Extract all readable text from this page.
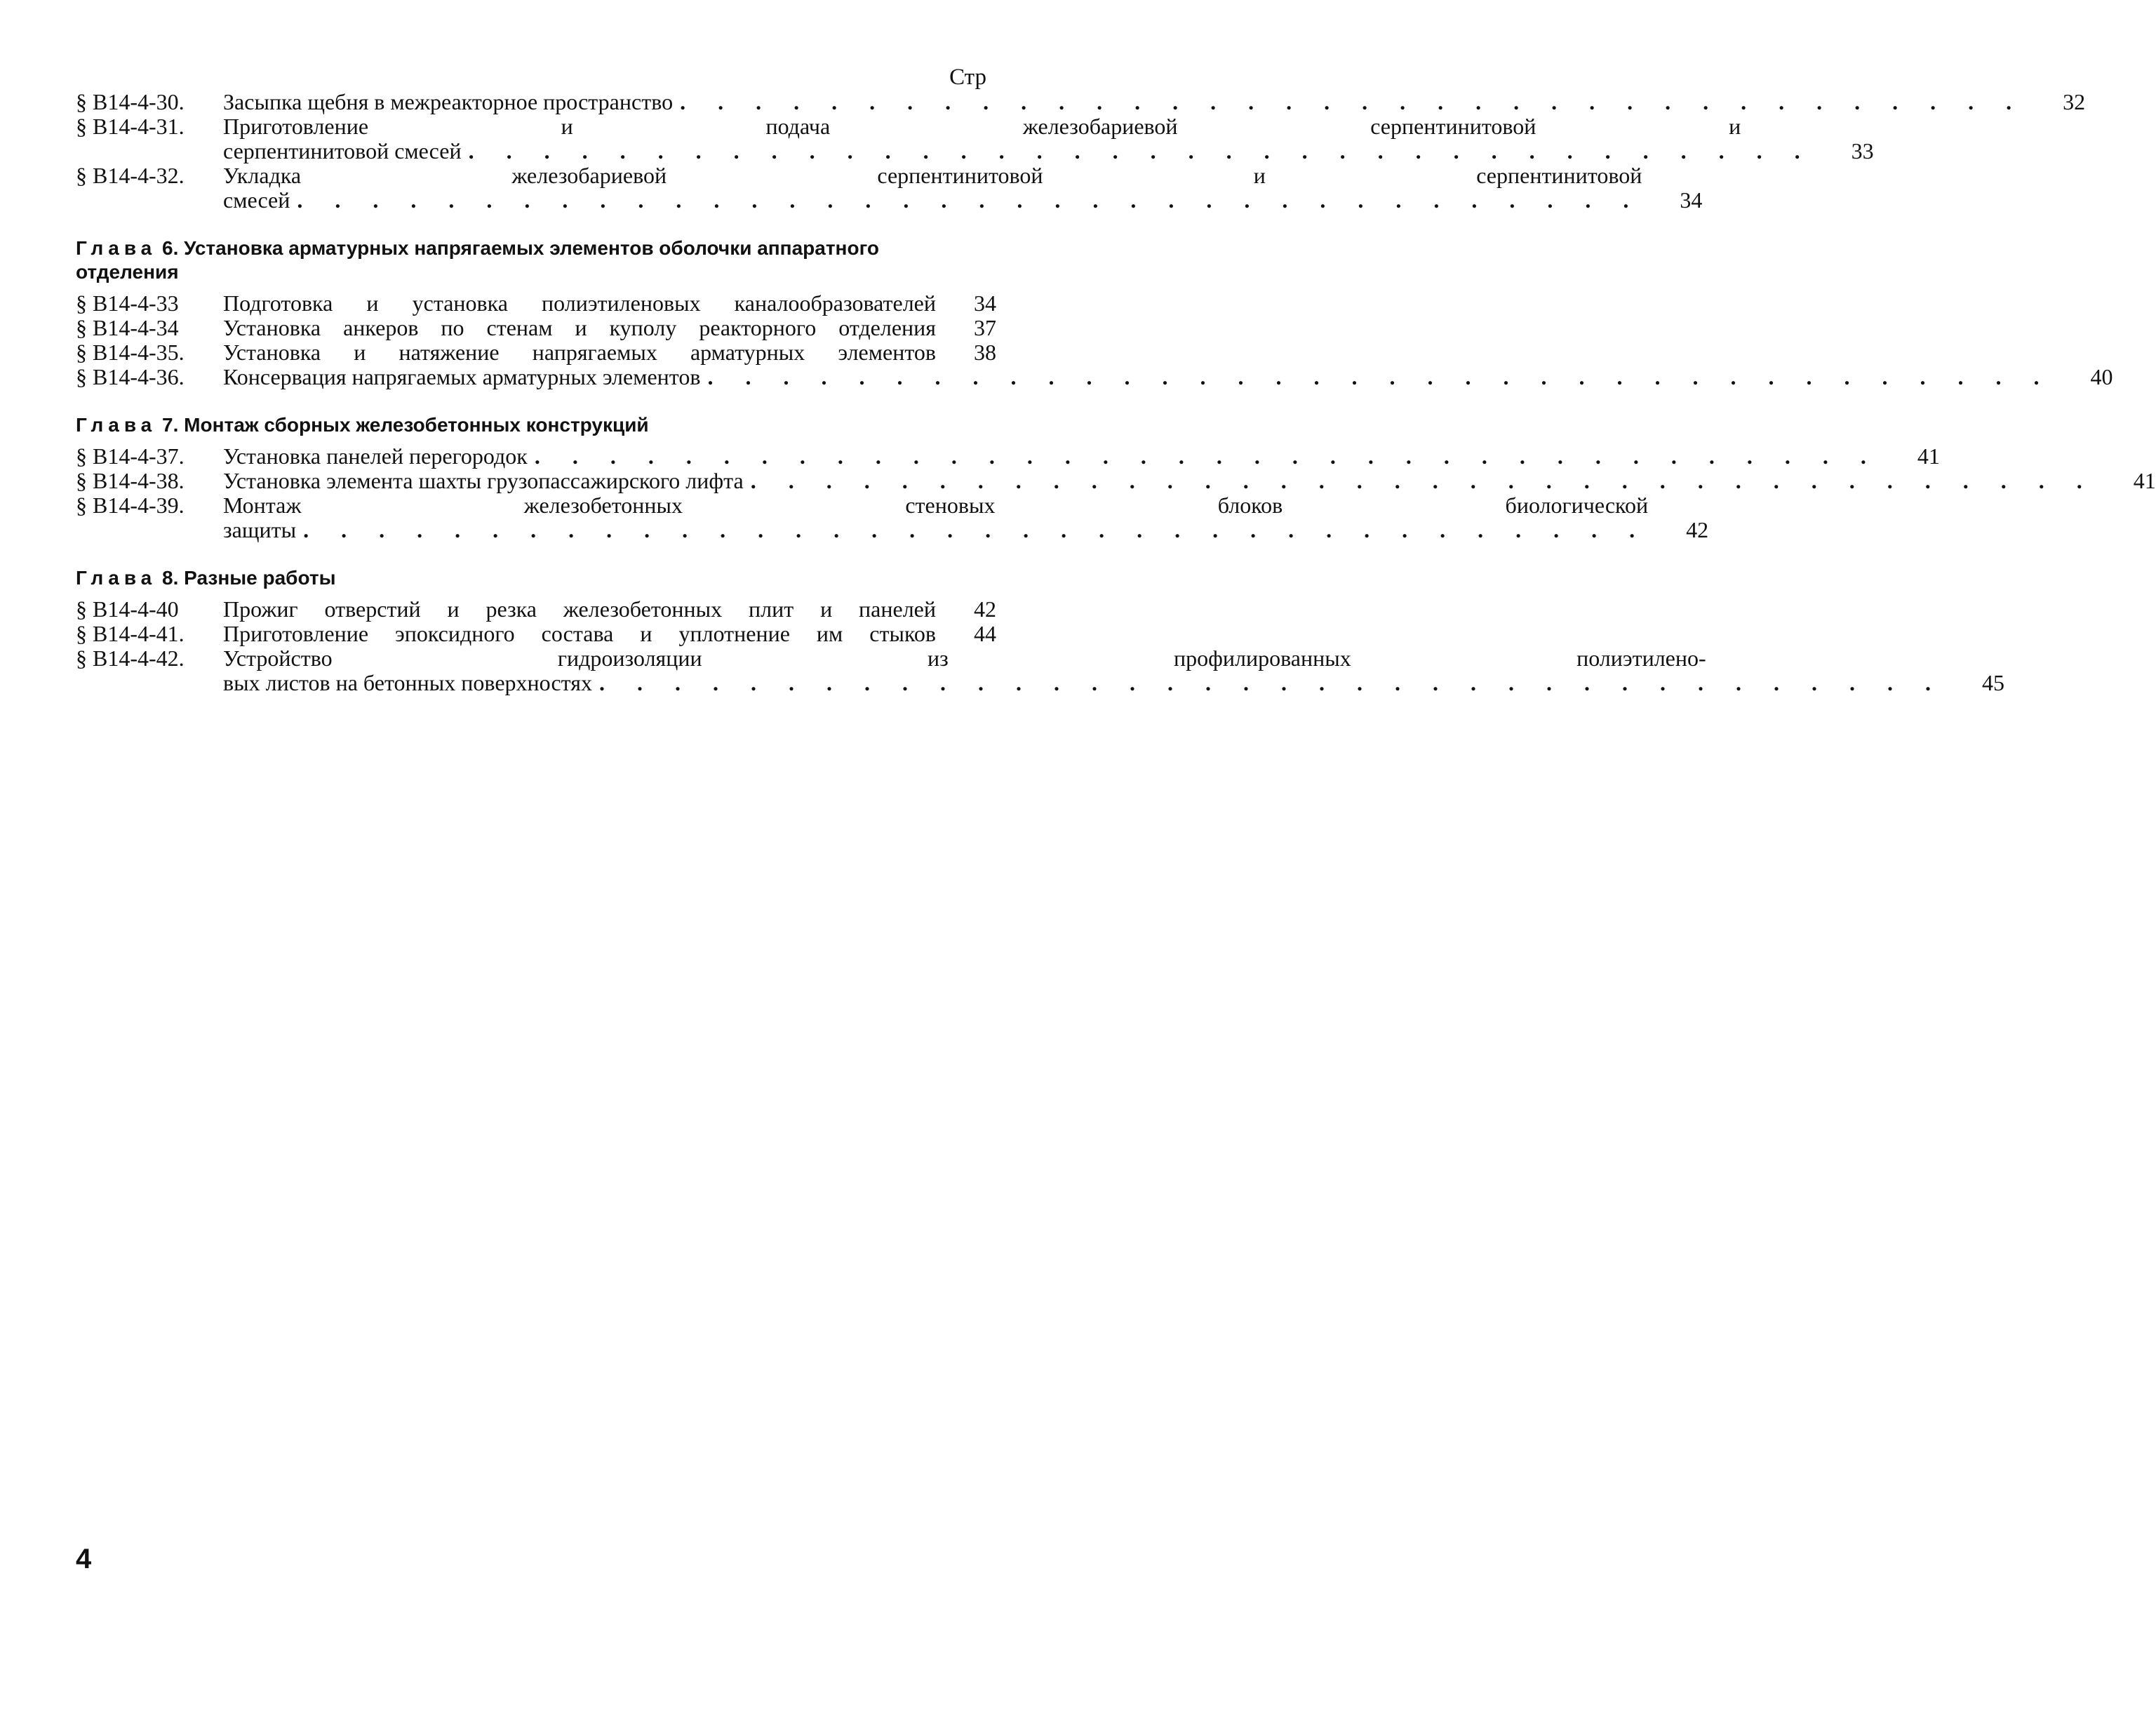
Стр
§ В14-4-30.	Засыпка щебня в межреакторное пространство . . . . . . . . . . . . . . . . . . . . . . . . . . . . . . . . . . . .	32
§ В14-4-31.	Приготовление и подача железобариевой серпентинитовой и
серпентинитовой смесей . . . . . . . . . . . . . . . . . . . . . . . . . . . . . . . . . . . .	33
§ В14-4-32.	Укладка железобариевой серпентинитовой и серпентинитовой
смесей . . . . . . . . . . . . . . . . . . . . . . . . . . . . . . . . . . . .	34
Глава 6. Установка арматурных напрягаемых элементов оболочки аппаратного
отделения
§ В14-4-33	Подготовка и установка полиэтиленовых каналообразователей	34
§ В14-4-34	Установка анкеров по стенам и куполу реакторного отделения	37
§ В14-4-35.	Установка и натяжение напрягаемых арматурных элементов	38
§ В14-4-36.	Консервация напрягаемых арматурных элементов . . . . . . . . . . . . . . . . . . . . . . . . . . . . . . . . . . . .	40
Глава 7. Монтаж сборных железобетонных конструкций
§ В14-4-37.	Установка панелей перегородок . . . . . . . . . . . . . . . . . . . . . . . . . . . . . . . . . . . .	41
§ В14-4-38.	Установка элемента шахты грузопассажирского лифта . . . . . . . . . . . . . . . . . . . . . . . . . . . . . . . . . . . .	41
§ В14-4-39.	Монтаж железобетонных стеновых блоков биологической
защиты . . . . . . . . . . . . . . . . . . . . . . . . . . . . . . . . . . . .	42
Глава 8. Разные работы
§ В14-4-40	Прожиг отверстий и резка железобетонных плит и панелей	42
§ В14-4-41.	Приготовление эпоксидного состава и уплотнение им стыков	44
§ В14-4-42.	Устройство гидроизоляции из профилированных полиэтилено-
вых листов на бетонных поверхностях . . . . . . . . . . . . . . . . . . . . . . . . . . . . . . . . . . . .	45
4
